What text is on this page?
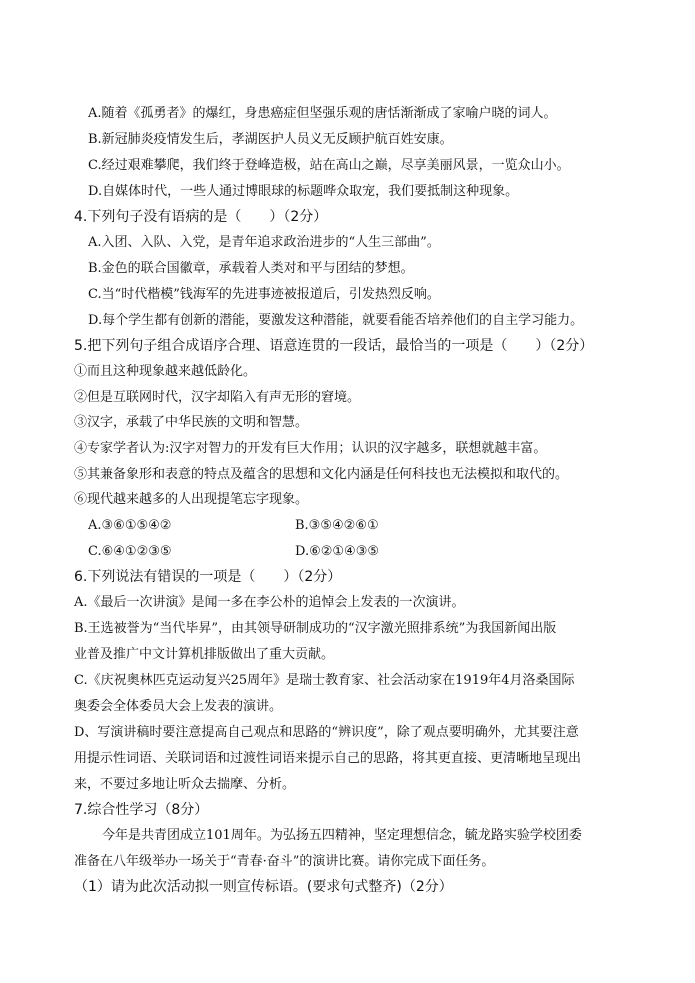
A.随着《孤勇者》的爆红，身患癌症但坚强乐观的唐恬渐渐成了家喻户晓的词人。
B.新冠肺炎疫情发生后，孝湖医护人员义无反顾护航百姓安康。
C.经过艰难攀爬，我们终于登峰造极，站在高山之巅，尽享美丽风景，一览众山小。
D.自媒体时代，一些人通过博眼球的标题哗众取宠，我们要抵制这种现象。
4.下列句子没有语病的是（　　）（2分）
A.入团、入队、入党，是青年追求政治进步的“人生三部曲”。
B.金色的联合国徽章，承载着人类对和平与团结的梦想。
C.当“时代楷模”钱海军的先进事迹被报道后，引发热烈反响。
D.每个学生都有创新的潜能，要激发这种潜能，就要看能否培养他们的自主学习能力。
5.把下列句子组合成语序合理、语意连贯的一段话，最恰当的一项是（　　）（2分）
①而且这种现象越来越低龄化。
②但是互联网时代，汉字却陷入有声无形的窘境。
③汉字，承载了中华民族的文明和智慧。
④专家学者认为:汉字对智力的开发有巨大作用；认识的汉字越多，联想就越丰富。
⑤其兼备象形和表意的特点及蕴含的思想和文化内涵是任何科技也无法模拟和取代的。
⑥现代越来越多的人出现提笔忘字现象。
A.③⑥①⑤④②	B.③⑤④②⑥①
C.⑥④①②③⑤	D.⑥②①④③⑤
6.下列说法有错误的一项是（　　）（2分）
A.《最后一次讲演》是闻一多在李公朴的追悼会上发表的一次演讲。
B.王选被誉为“当代毕昇”，由其领导研制成功的“汉字激光照排系统”为我国新闻出版
业普及推广中文计算机排版做出了重大贡献。
C.《庆祝奥林匹克运动复兴25周年》是瑞士教育家、社会活动家在1919年4月洛桑国际
奥委会全体委员大会上发表的演讲。
D、写演讲稿时要注意提高自己观点和思路的“辨识度”，除了观点要明确外，尤其要注意
用提示性词语、关联词语和过渡性词语来提示自己的思路，将其更直接、更清晰地呈现出
来，不要过多地让听众去揣摩、分析。
7.综合性学习（8分）
今年是共青团成立101周年。为弘扬五四精神，坚定理想信念，毓龙路实验学校团委
准备在八年级举办一场关于“青春·奋斗”的演讲比赛。请你完成下面任务。
（1）请为此次活动拟一则宣传标语。(要求句式整齐)（2分）
